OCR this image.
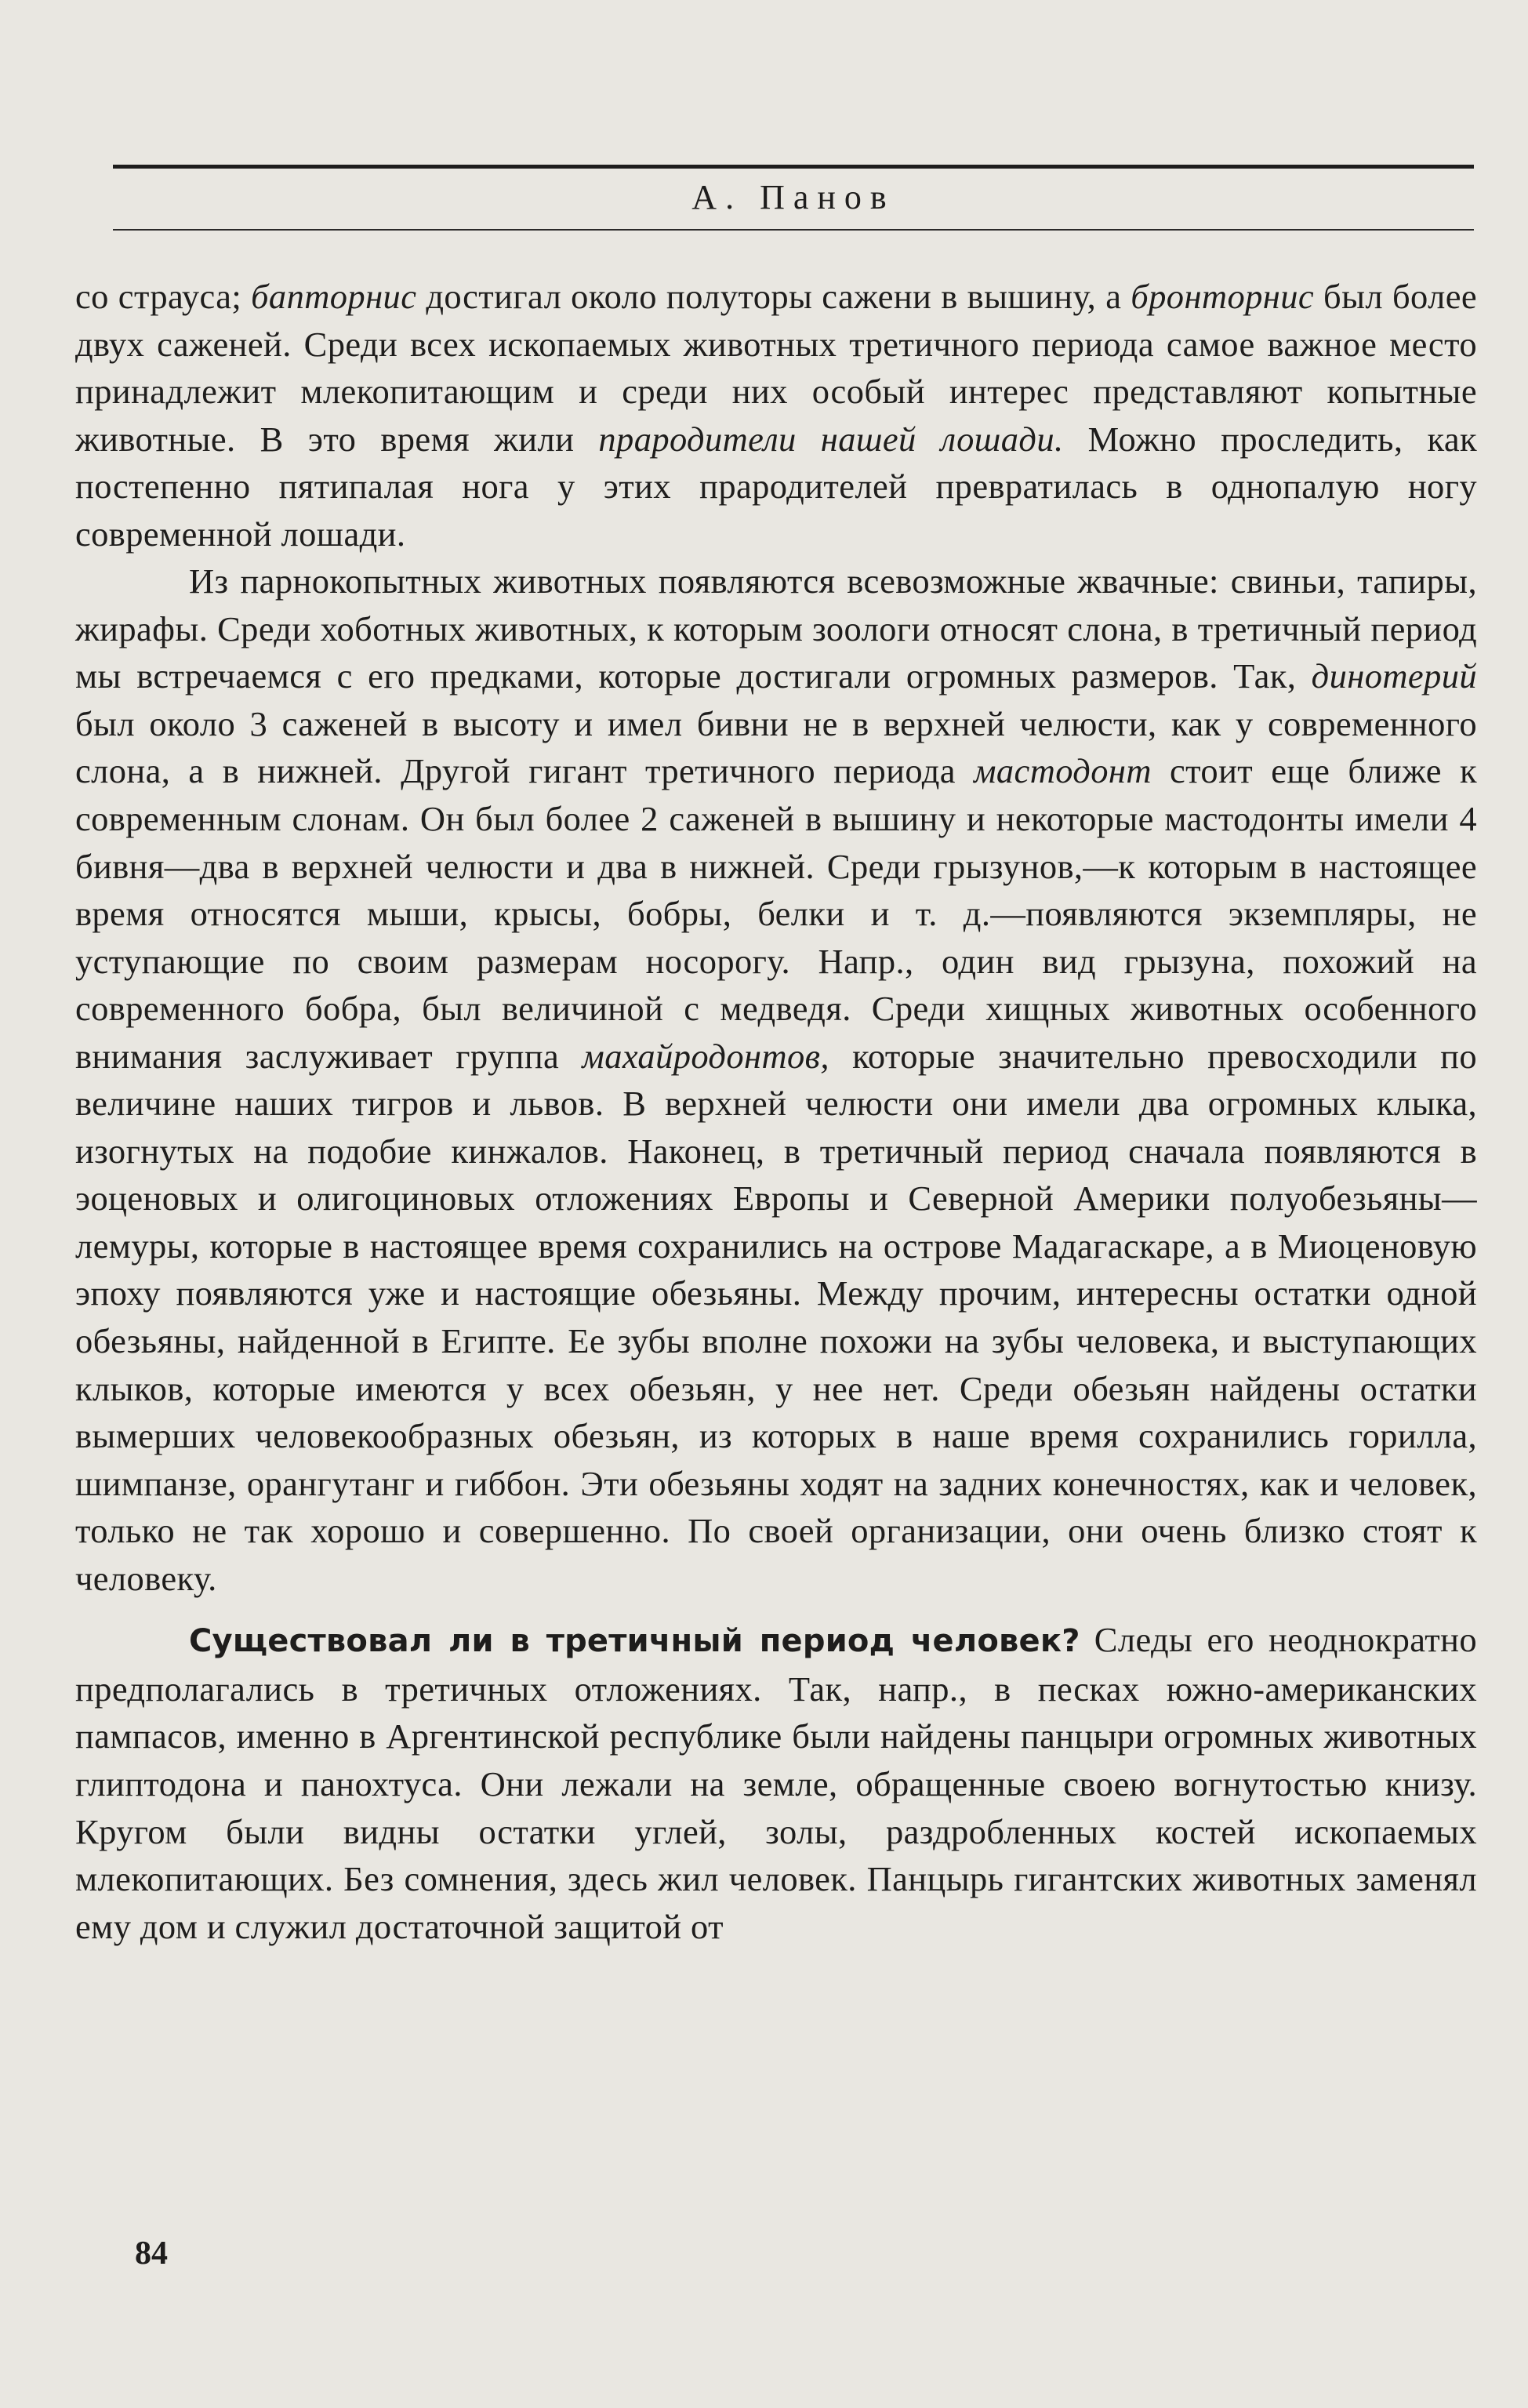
А. Панов

со страуса; бапторнис достигал около полуторы сажени в вышину, а бронторнис был более двух саженей. Среди всех ископаемых животных третичного периода самое важное место принадлежит млекопитающим и среди них особый интерес представляют копытные животные. В это время жили прародители нашей лошади. Можно проследить, как постепенно пятипалая нога у этих прародителей превратилась в однопалую ногу современной лошади.

Из парнокопытных животных появляются всевозможные жвачные: свиньи, тапиры, жирафы. Среди хоботных животных, к которым зоологи относят слона, в третичный период мы встречаемся с его предками, которые достигали огромных размеров. Так, динотерий был около 3 саженей в высоту и имел бивни не в верхней челюсти, как у современного слона, а в нижней. Другой гигант третичного периода мастодонт стоит еще ближе к современным слонам. Он был более 2 саженей в вышину и некоторые мастодонты имели 4 бивня—два в верхней челюсти и два в нижней. Среди грызунов,—к которым в настоящее время относятся мыши, крысы, бобры, белки и т. д.—появляются экземпляры, не уступающие по своим размерам носорогу. Напр., один вид грызуна, похожий на современного бобра, был величиной с медведя. Среди хищных животных особенного внимания заслуживает группа махайродонтов, которые значительно превосходили по величине наших тигров и львов. В верхней челюсти они имели два огромных клыка, изогнутых на подобие кинжалов. Наконец, в третичный период сначала появляются в эоценовых и олигоциновых отложениях Европы и Северной Америки полуобезьяны—лемуры, которые в настоящее время сохранились на острове Мадагаскаре, а в Миоценовую эпоху появляются уже и настоящие обезьяны. Между прочим, интересны остатки одной обезьяны, найденной в Египте. Ее зубы вполне похожи на зубы человека, и выступающих клыков, которые имеются у всех обезьян, у нее нет. Среди обезьян найдены остатки вымерших человекообразных обезьян, из которых в наше время сохранились горилла, шимпанзе, орангутанг и гиббон. Эти обезьяны ходят на задних конечностях, как и человек, только не так хорошо и совершенно. По своей организации, они очень близко стоят к человеку.

Существовал ли в третичный период человек? Следы его неоднократно предполагались в третичных отложениях. Так, напр., в песках южно-американских пампасов, именно в Аргентинской республике были найдены панцыри огромных животных глиптодона и панохтуса. Они лежали на земле, обращенные своею вогнутостью книзу. Кругом были видны остатки углей, золы, раздробленных костей ископаемых млекопитающих. Без сомнения, здесь жил человек. Панцырь гигантских животных заменял ему дом и служил достаточной защитой от

84
